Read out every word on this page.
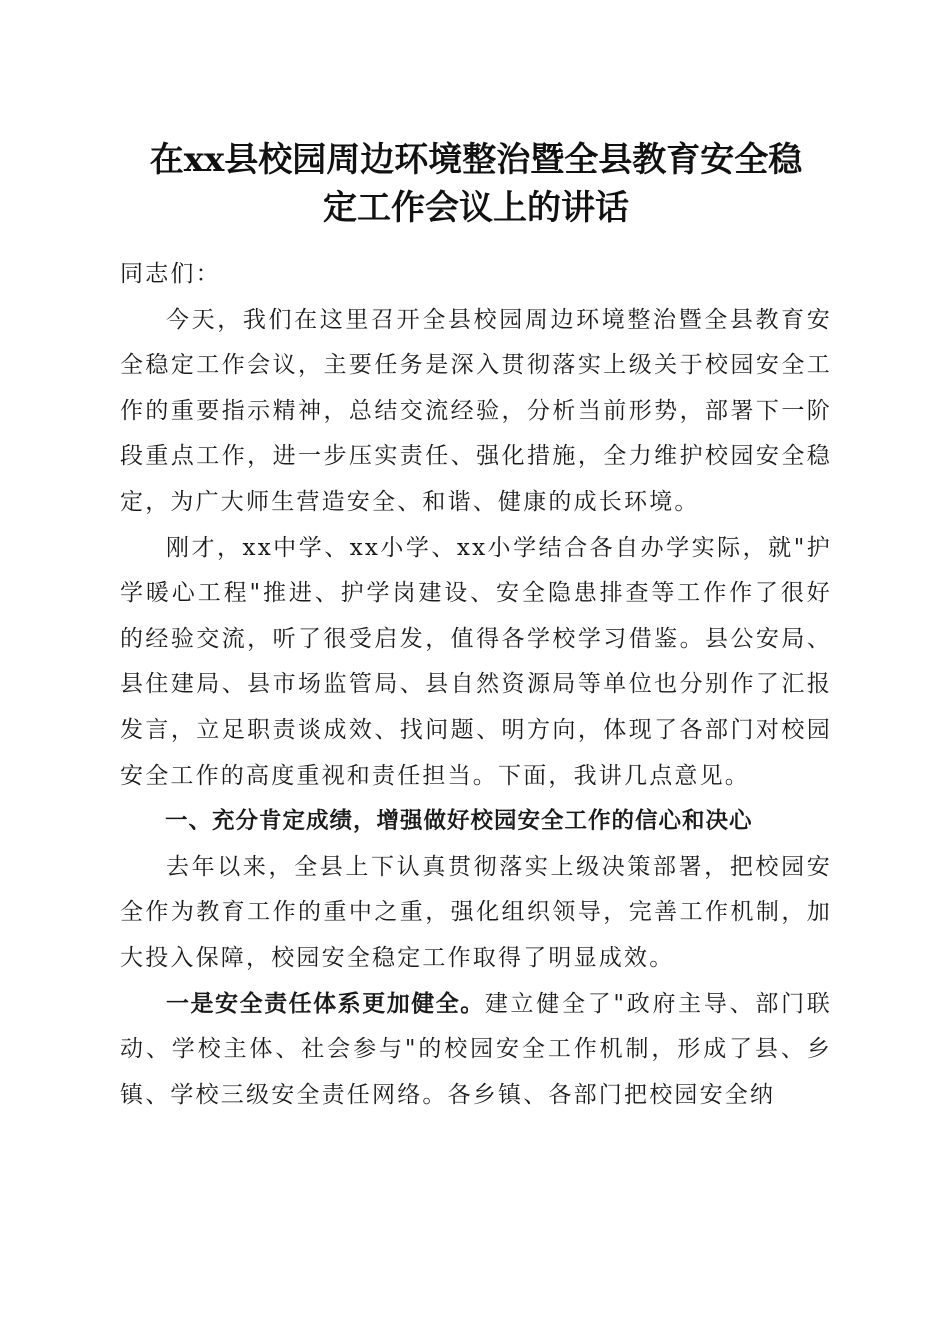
在xx县校园周边环境整治暨全县教育安全稳
定工作会议上的讲话

同志们：

今天，我们在这里召开全县校园周边环境整治暨全县教育安全稳定工作会议，主要任务是深入贯彻落实上级关于校园安全工作的重要指示精神，总结交流经验，分析当前形势，部署下一阶段重点工作，进一步压实责任、强化措施，全力维护校园安全稳定，为广大师生营造安全、和谐、健康的成长环境。

刚才，xx中学、xx小学、xx小学结合各自办学实际，就"护学暖心工程"推进、护学岗建设、安全隐患排查等工作作了很好的经验交流，听了很受启发，值得各学校学习借鉴。县公安局、县住建局、县市场监管局、县自然资源局等单位也分别作了汇报发言，立足职责谈成效、找问题、明方向，体现了各部门对校园安全工作的高度重视和责任担当。下面，我讲几点意见。

一、充分肯定成绩，增强做好校园安全工作的信心和决心

去年以来，全县上下认真贯彻落实上级决策部署，把校园安全作为教育工作的重中之重，强化组织领导，完善工作机制，加大投入保障，校园安全稳定工作取得了明显成效。

一是安全责任体系更加健全。建立健全了"政府主导、部门联动、学校主体、社会参与"的校园安全工作机制，形成了县、乡镇、学校三级安全责任网络。各乡镇、各部门把校园安全纳
